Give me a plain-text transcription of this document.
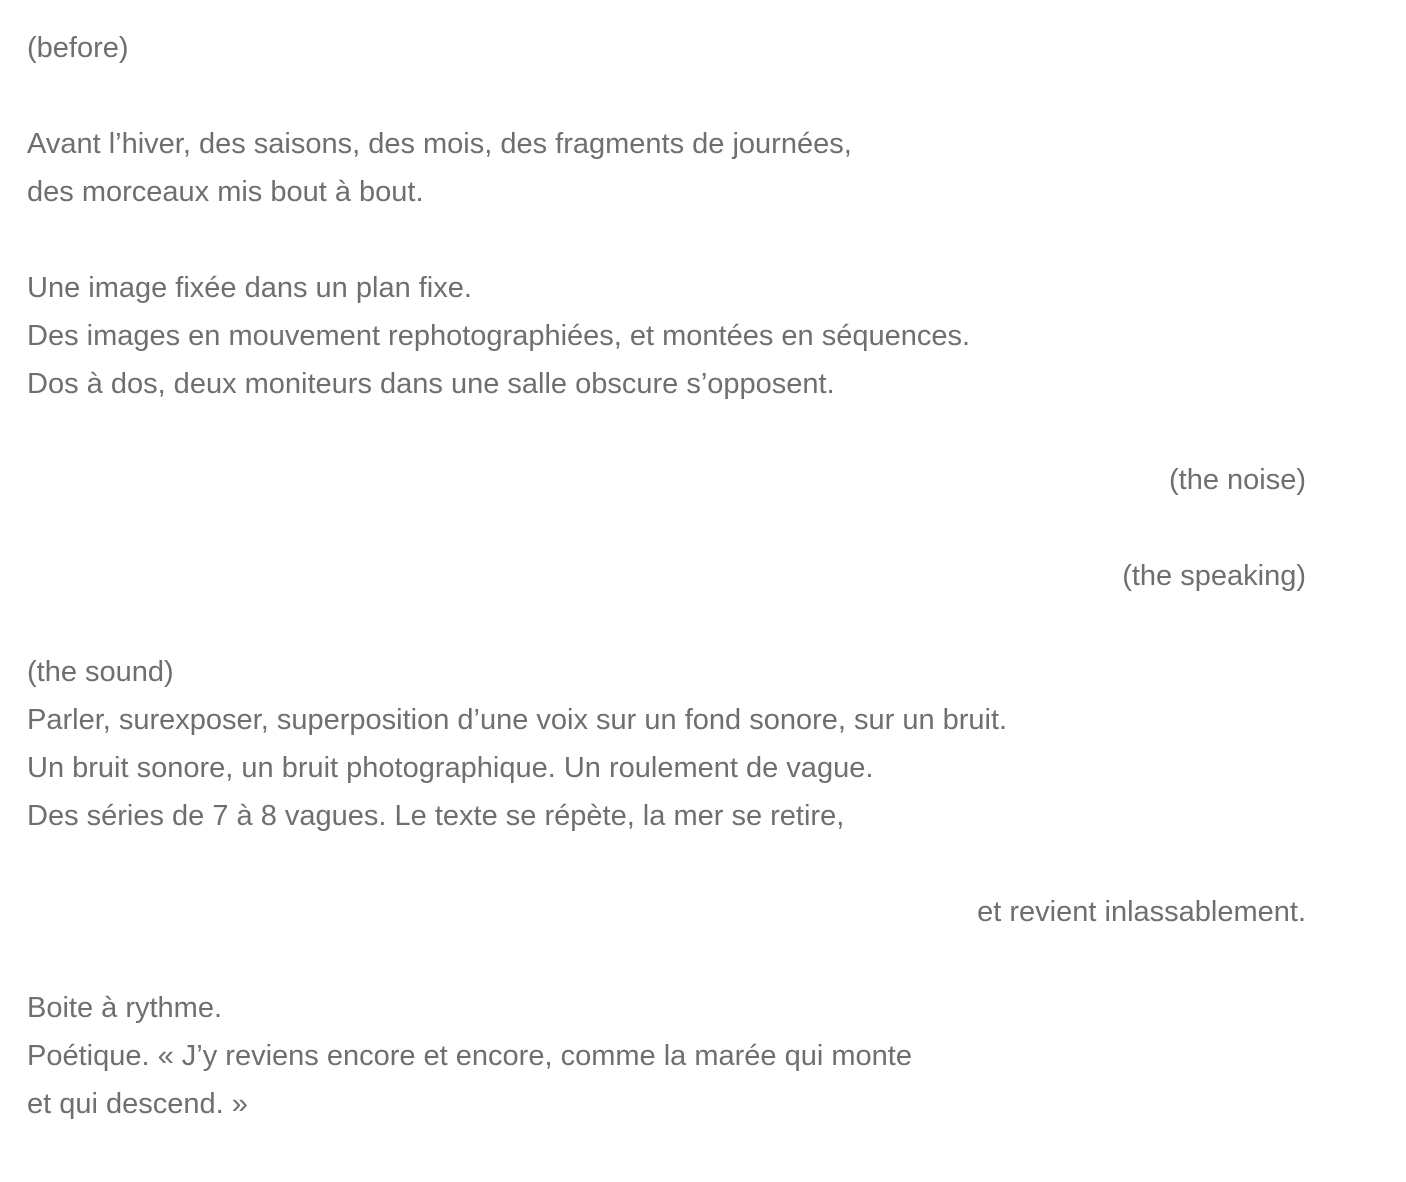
(before)

Avant l’hiver, des saisons, des mois, des fragments de journées,

des morceaux mis bout à bout.

Une image fixée dans un plan fixe.

Des images en mouvement rephotographiées, et montées en séquences.

Dos à dos, deux moniteurs dans une salle obscure s’opposent.

(the noise)

(the speaking)

(the sound)

Parler, surexposer, superposition d’une voix sur un fond sonore, sur un bruit.

Un bruit sonore, un bruit photographique. Un roulement de vague.

Des séries de 7 à 8 vagues. Le texte se répète, la mer se retire,

et revient inlassablement.

Boite à rythme.

Poétique. « J’y reviens encore et encore, comme la marée qui monte

et qui descend. »
